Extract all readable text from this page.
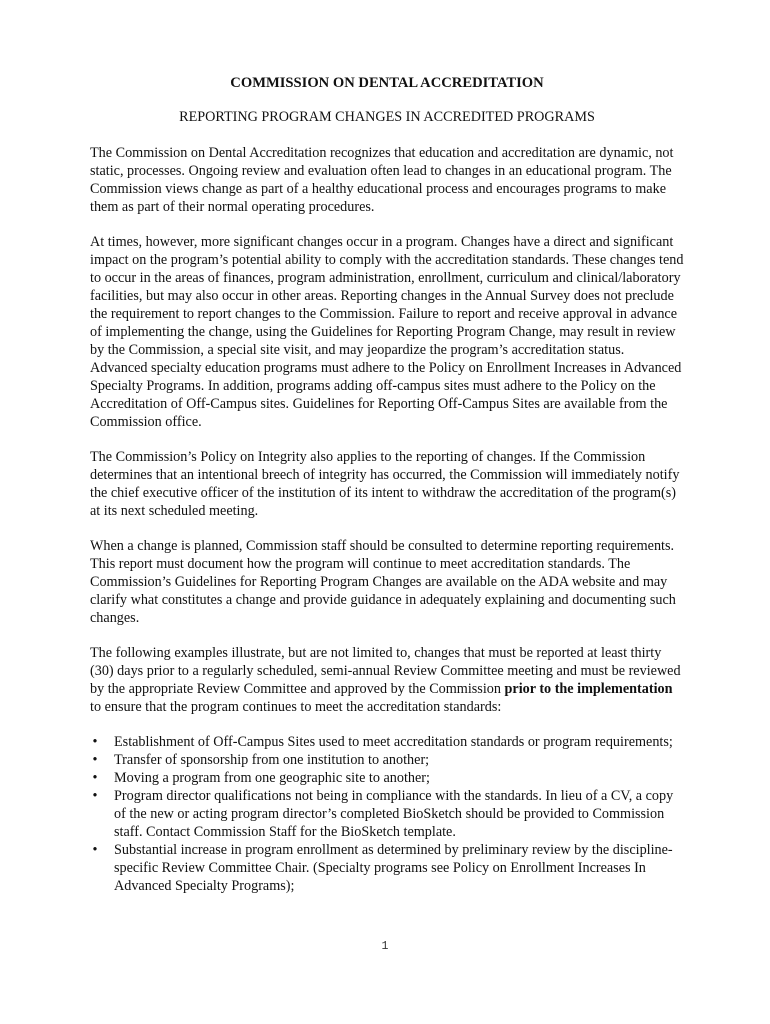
COMMISSION ON DENTAL ACCREDITATION
REPORTING PROGRAM CHANGES IN ACCREDITED PROGRAMS

The Commission on Dental Accreditation recognizes that education and accreditation are dynamic, not static, processes. Ongoing review and evaluation often lead to changes in an educational program. The Commission views change as part of a healthy educational process and encourages programs to make them as part of their normal operating procedures.

At times, however, more significant changes occur in a program. Changes have a direct and significant impact on the program’s potential ability to comply with the accreditation standards. These changes tend to occur in the areas of finances, program administration, enrollment, curriculum and clinical/laboratory facilities, but may also occur in other areas. Reporting changes in the Annual Survey does not preclude the requirement to report changes to the Commission. Failure to report and receive approval in advance of implementing the change, using the Guidelines for Reporting Program Change, may result in review by the Commission, a special site visit, and may jeopardize the program’s accreditation status. Advanced specialty education programs must adhere to the Policy on Enrollment Increases in Advanced Specialty Programs. In addition, programs adding off-campus sites must adhere to the Policy on the Accreditation of Off-Campus sites. Guidelines for Reporting Off-Campus Sites are available from the Commission office.

The Commission’s Policy on Integrity also applies to the reporting of changes. If the Commission determines that an intentional breech of integrity has occurred, the Commission will immediately notify the chief executive officer of the institution of its intent to withdraw the accreditation of the program(s) at its next scheduled meeting.

When a change is planned, Commission staff should be consulted to determine reporting requirements. This report must document how the program will continue to meet accreditation standards. The Commission’s Guidelines for Reporting Program Changes are available on the ADA website and may clarify what constitutes a change and provide guidance in adequately explaining and documenting such changes.

The following examples illustrate, but are not limited to, changes that must be reported at least thirty (30) days prior to a regularly scheduled, semi-annual Review Committee meeting and must be reviewed by the appropriate Review Committee and approved by the Commission prior to the implementation to ensure that the program continues to meet the accreditation standards:

• Establishment of Off-Campus Sites used to meet accreditation standards or program requirements;
• Transfer of sponsorship from one institution to another;
• Moving a program from one geographic site to another;
• Program director qualifications not being in compliance with the standards. In lieu of a CV, a copy of the new or acting program director’s completed BioSketch should be provided to Commission staff. Contact Commission Staff for the BioSketch template.
• Substantial increase in program enrollment as determined by preliminary review by the discipline-specific Review Committee Chair. (Specialty programs see Policy on Enrollment Increases In Advanced Specialty Programs);
1
